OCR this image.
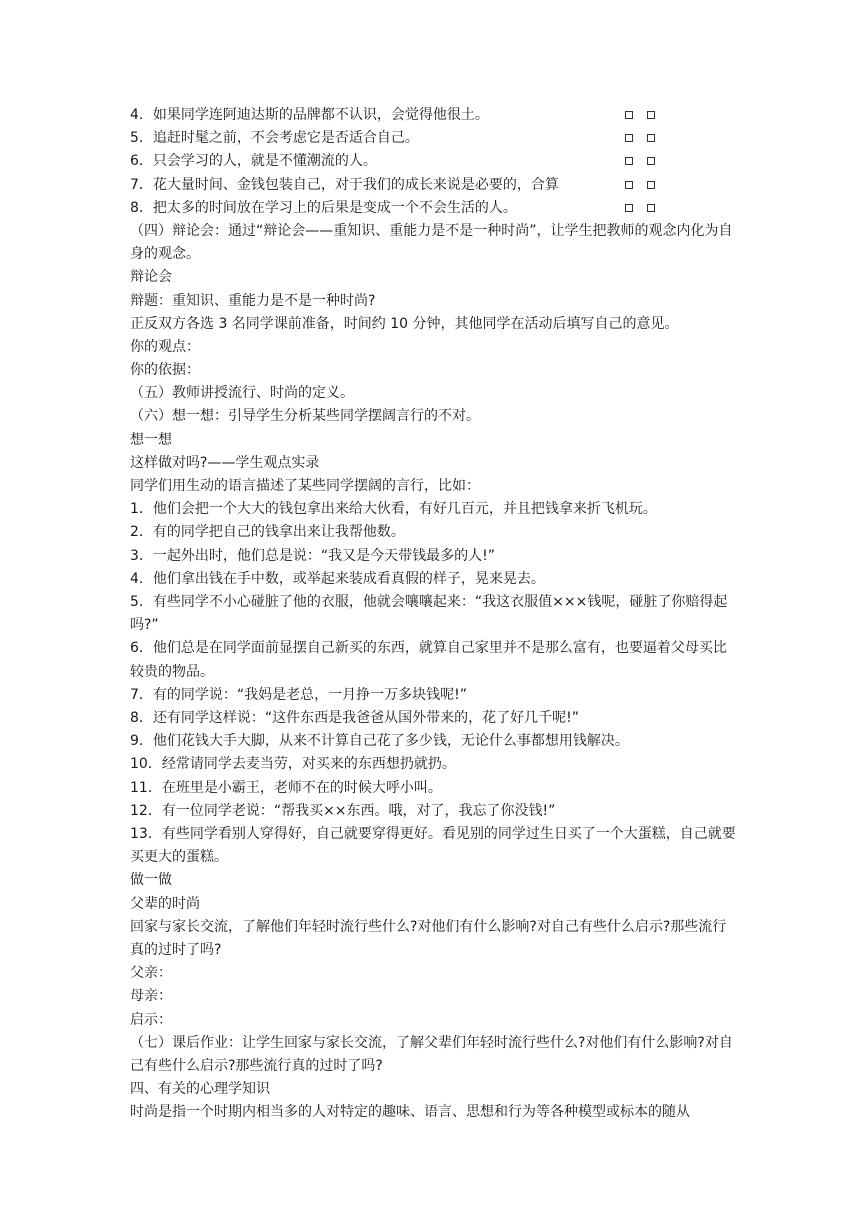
4．如果同学连阿迪达斯的品牌都不认识，会觉得他很土。
5．追赶时髦之前，不会考虑它是否适合自己。
6．只会学习的人，就是不懂潮流的人。
7．花大量时间、金钱包装自己，对于我们的成长来说是必要的，合算
8．把太多的时间放在学习上的后果是变成一个不会生活的人。
（四）辩论会：通过“辩论会——重知识、重能力是不是一种时尚”，让学生把教师的观念内化为自身的观念。
辩论会
辩题：重知识、重能力是不是一种时尚?
正反双方各选 3 名同学课前准备，时间约 10 分钟，其他同学在活动后填写自己的意见。
你的观点：
你的依据：
（五）教师讲授流行、时尚的定义。
（六）想一想：引导学生分析某些同学摆阔言行的不对。
想一想
这样做对吗?——学生观点实录
同学们用生动的语言描述了某些同学摆阔的言行，比如：
1．他们会把一个大大的钱包拿出来给大伙看，有好几百元，并且把钱拿来折飞机玩。
2．有的同学把自己的钱拿出来让我帮他数。
3．一起外出时，他们总是说：“我又是今天带钱最多的人!”
4．他们拿出钱在手中数，或举起来装成看真假的样子，晃来晃去。
5．有些同学不小心碰脏了他的衣服，他就会嚷嚷起来：“我这衣服值×××钱呢，碰脏了你赔得起吗?”
6．他们总是在同学面前显摆自己新买的东西，就算自己家里并不是那么富有，也要逼着父母买比较贵的物品。
7．有的同学说：“我妈是老总，一月挣一万多块钱呢!”
8．还有同学这样说：“这件东西是我爸爸从国外带来的，花了好几千呢!”
9．他们花钱大手大脚，从来不计算自己花了多少钱，无论什么事都想用钱解决。
10．经常请同学去麦当劳，对买来的东西想扔就扔。
11．在班里是小霸王，老师不在的时候大呼小叫。
12．有一位同学老说：“帮我买××东西。哦，对了，我忘了你没钱!”
13．有些同学看别人穿得好，自己就要穿得更好。看见别的同学过生日买了一个大蛋糕，自己就要买更大的蛋糕。
做一做
父辈的时尚
回家与家长交流，了解他们年轻时流行些什么?对他们有什么影响?对自己有些什么启示?那些流行真的过时了吗?
父亲：
母亲：
启示：
（七）课后作业：让学生回家与家长交流，了解父辈们年轻时流行些什么?对他们有什么影响?对自己有些什么启示?那些流行真的过时了吗?
四、有关的心理学知识
时尚是指一个时期内相当多的人对特定的趣味、语言、思想和行为等各种模型或标本的随从
